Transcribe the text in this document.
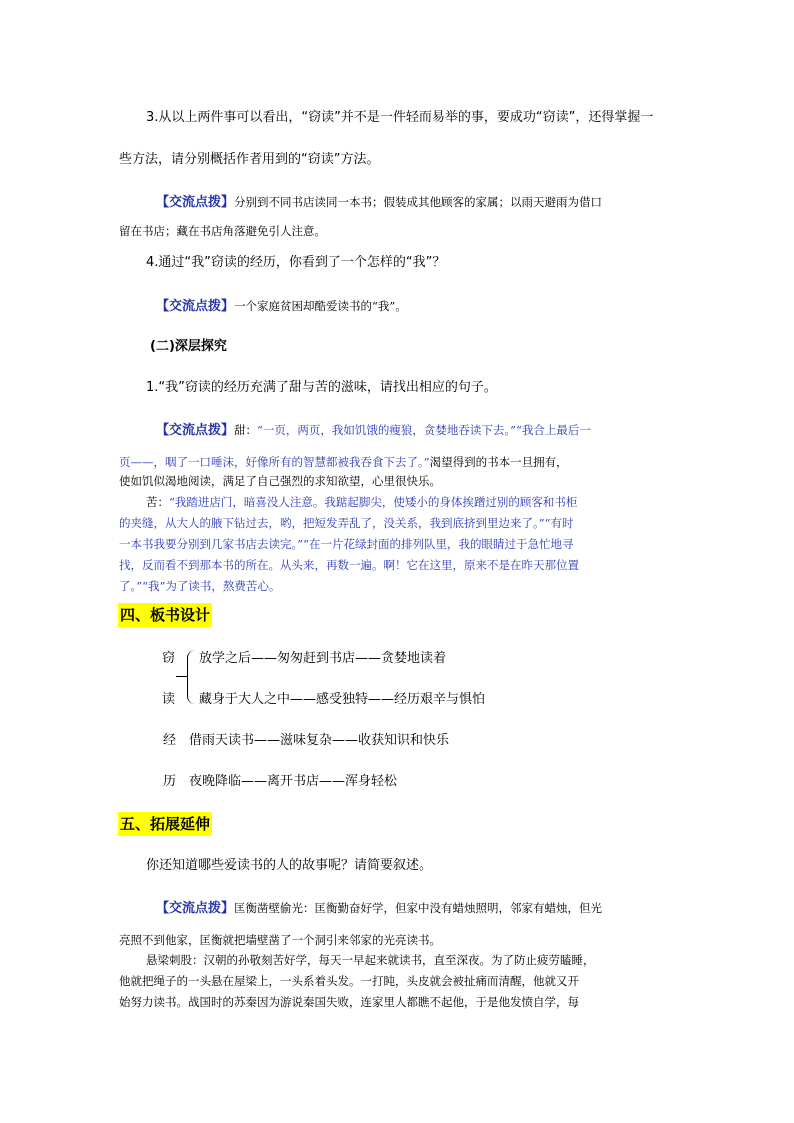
3.从以上两件事可以看出，“窃读”并不是一件轻而易举的事，要成功“窃读”，还得掌握一
些方法，请分别概括作者用到的“窃读”方法。
【交流点拨】分别到不同书店读同一本书；假装成其他顾客的家属；以雨天避雨为借口
留在书店；藏在书店角落避免引人注意。
4.通过“我”窃读的经历，你看到了一个怎样的“我”？
【交流点拨】一个家庭贫困却酷爱读书的“我”。
(二)深层探究
1.“我”窃读的经历充满了甜与苦的滋味，请找出相应的句子。
【交流点拨】甜：“一页，两页，我如饥饿的瘦狼，贪婪地吞读下去。”“我合上最后一
页——，咽了一口唾沫，好像所有的智慧都被我吞食下去了。”渴望得到的书本一旦拥有，
使如饥似渴地阅读，满足了自己强烈的求知欲望，心里很快乐。
苦：“我踏进店门，暗喜没人注意。我踮起脚尖，使矮小的身体挨蹭过别的顾客和书柜
的夹缝，从大人的腋下钻过去，哟，把短发弄乱了，没关系，我到底挤到里边来了。”“有时
一本书我要分别到几家书店去读完。”“在一片花绿封面的排列队里，我的眼睛过于急忙地寻
找，反而看不到那本书的所在。从头来，再数一遍。啊！它在这里，原来不是在昨天那位置
了。”“我”为了读书，熬费苦心。
四、板书设计
窃
读
放学之后——匆匆赶到书店——贪婪地读着
藏身于大人之中——感受独特——经历艰辛与惧怕
经 借雨天读书——滋味复杂——收获知识和快乐
历 夜晚降临——离开书店——浑身轻松
五、拓展延伸
你还知道哪些爱读书的人的故事呢？请简要叙述。
【交流点拨】匡衡凿壁偷光：匡衡勤奋好学，但家中没有蜡烛照明，邻家有蜡烛，但光
亮照不到他家，匡衡就把墙壁凿了一个洞引来邻家的光亮读书。
悬梁刺股：汉朝的孙敬刻苦好学，每天一早起来就读书，直至深夜。为了防止疲劳瞌睡，
他就把绳子的一头悬在屋梁上，一头系着头发。一打盹，头皮就会被扯痛而清醒，他就又开
始努力读书。战国时的苏秦因为游说秦国失败，连家里人都瞧不起他，于是他发愤自学，每
